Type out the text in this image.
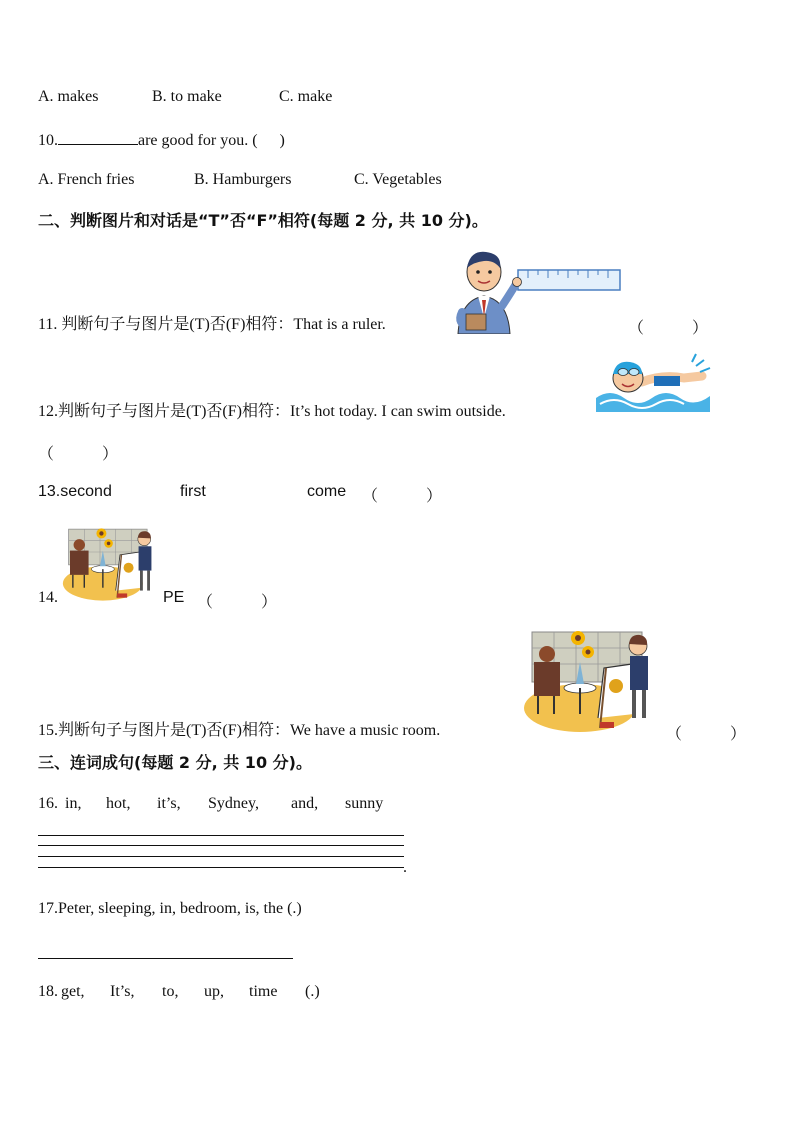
A. makes	B. to make	C. make
10.	are good for you. ( )
A. French fries	B. Hamburgers	C. Vegetables
二、判断图片和对话是“T”否“F”相符(每题 2 分, 共 10 分)。
11. 判断句子与图片是(T)否(F)相符：That is a ruler.	（　　　）
12.判断句子与图片是(T)否(F)相符：It’s hot today. I can swim outside.
（　　　）
13.second	first	come （　　　）
14.	PE （　　　）
15.判断句子与图片是(T)否(F)相符：We have a music room.	（　　　）
三、连词成句(每题 2 分, 共 10 分)。
16. in, hot, it’s, Sydney, and, sunny
.
17.Peter, sleeping, in, bedroom, is, the (.)
18. get, It’s, to, up, time (.)
